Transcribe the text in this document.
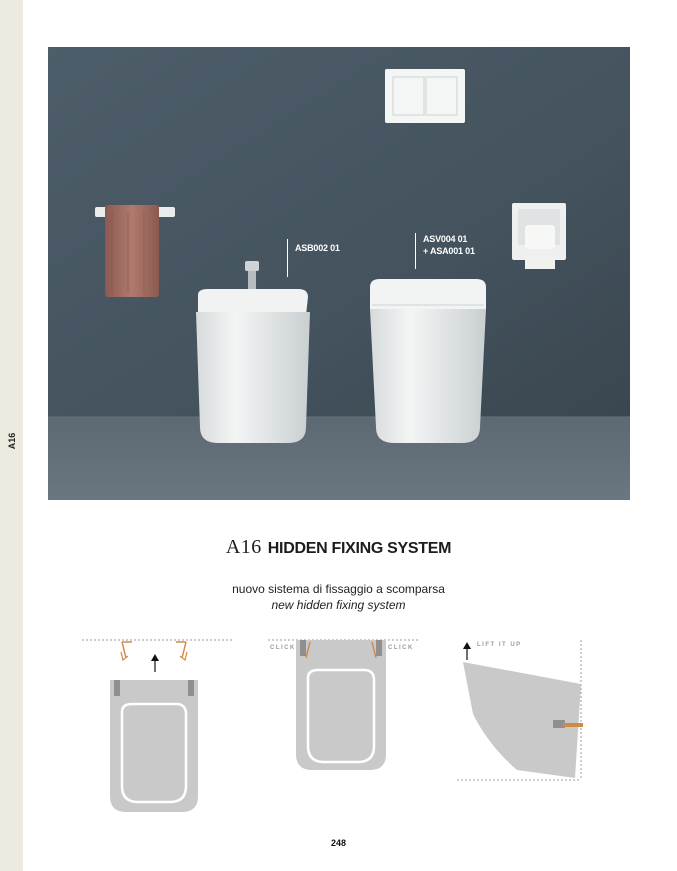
A16
ASB002 01
ASV004 01
+ ASA001 01
A16 HIDDEN FIXING SYSTEM
nuovo sistema di fissaggio a scomparsa
new hidden fixing system
CLICK	CLICK	LIFT IT UP
248
